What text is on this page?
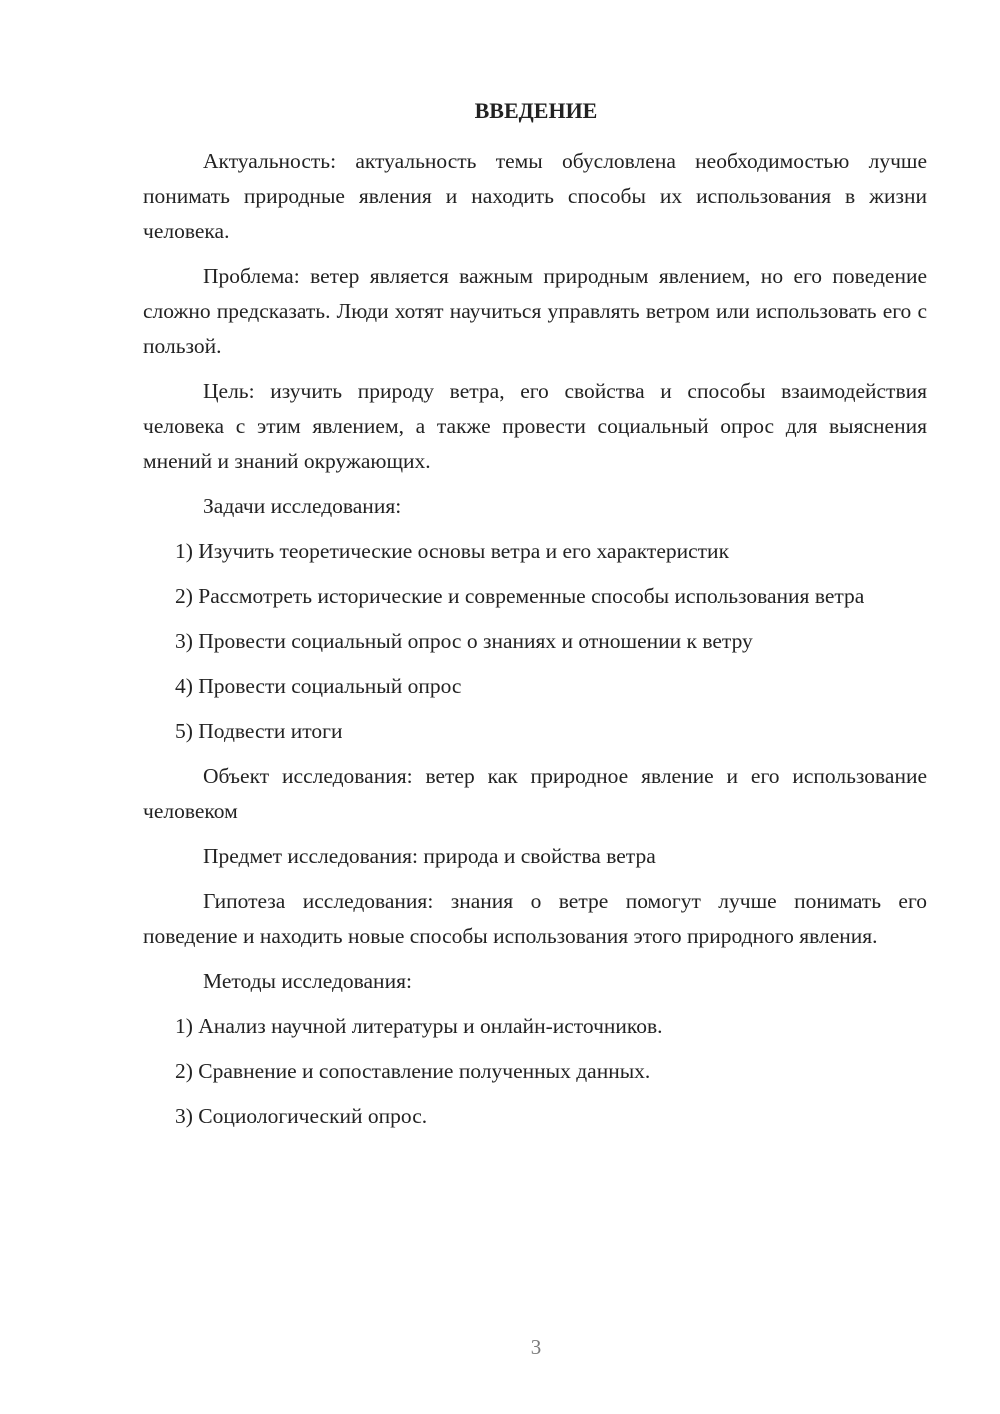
ВВЕДЕНИЕ

Актуальность: актуальность темы обусловлена необходимостью лучше понимать природные явления и находить способы их использования в жизни человека.

Проблема: ветер является важным природным явлением, но его поведение сложно предсказать. Люди хотят научиться управлять ветром или использовать его с пользой.

Цель: изучить природу ветра, его свойства и способы взаимодействия человека с этим явлением, а также провести социальный опрос для выяснения мнений и знаний окружающих.

Задачи исследования:

1) Изучить теоретические основы ветра и его характеристик

2) Рассмотреть исторические и современные способы использования ветра

3) Провести социальный опрос о знаниях и отношении к ветру

4) Провести социальный опрос

5) Подвести итоги

Объект исследования: ветер как природное явление и его использование человеком

Предмет исследования: природа и свойства ветра

Гипотеза исследования: знания о ветре помогут лучше понимать его поведение и находить новые способы использования этого природного явления.

Методы исследования:

1) Анализ научной литературы и онлайн-источников.

2) Сравнение и сопоставление полученных данных.

3) Социологический опрос.

3
